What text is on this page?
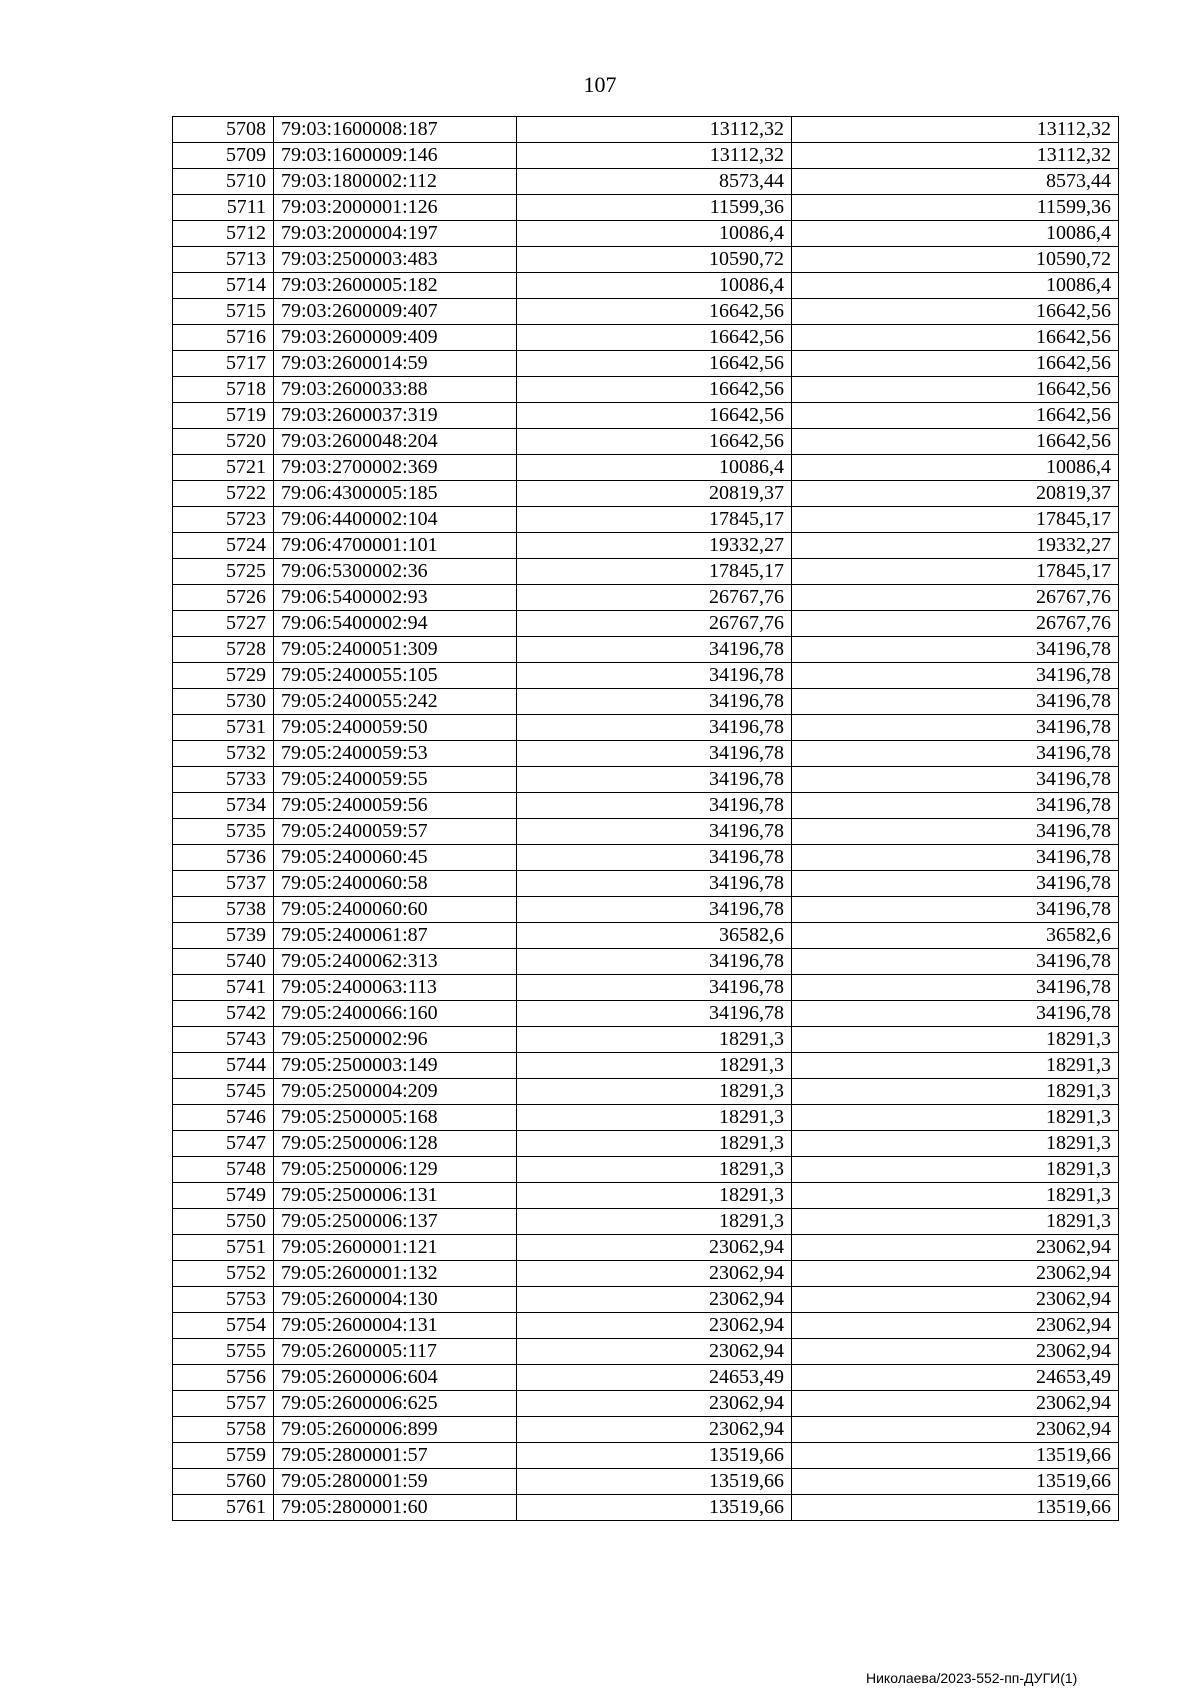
107
5708	79:03:1600008:187	13112,32	13112,32
5709	79:03:1600009:146	13112,32	13112,32
5710	79:03:1800002:112	8573,44	8573,44
5711	79:03:2000001:126	11599,36	11599,36
5712	79:03:2000004:197	10086,4	10086,4
5713	79:03:2500003:483	10590,72	10590,72
5714	79:03:2600005:182	10086,4	10086,4
5715	79:03:2600009:407	16642,56	16642,56
5716	79:03:2600009:409	16642,56	16642,56
5717	79:03:2600014:59	16642,56	16642,56
5718	79:03:2600033:88	16642,56	16642,56
5719	79:03:2600037:319	16642,56	16642,56
5720	79:03:2600048:204	16642,56	16642,56
5721	79:03:2700002:369	10086,4	10086,4
5722	79:06:4300005:185	20819,37	20819,37
5723	79:06:4400002:104	17845,17	17845,17
5724	79:06:4700001:101	19332,27	19332,27
5725	79:06:5300002:36	17845,17	17845,17
5726	79:06:5400002:93	26767,76	26767,76
5727	79:06:5400002:94	26767,76	26767,76
5728	79:05:2400051:309	34196,78	34196,78
5729	79:05:2400055:105	34196,78	34196,78
5730	79:05:2400055:242	34196,78	34196,78
5731	79:05:2400059:50	34196,78	34196,78
5732	79:05:2400059:53	34196,78	34196,78
5733	79:05:2400059:55	34196,78	34196,78
5734	79:05:2400059:56	34196,78	34196,78
5735	79:05:2400059:57	34196,78	34196,78
5736	79:05:2400060:45	34196,78	34196,78
5737	79:05:2400060:58	34196,78	34196,78
5738	79:05:2400060:60	34196,78	34196,78
5739	79:05:2400061:87	36582,6	36582,6
5740	79:05:2400062:313	34196,78	34196,78
5741	79:05:2400063:113	34196,78	34196,78
5742	79:05:2400066:160	34196,78	34196,78
5743	79:05:2500002:96	18291,3	18291,3
5744	79:05:2500003:149	18291,3	18291,3
5745	79:05:2500004:209	18291,3	18291,3
5746	79:05:2500005:168	18291,3	18291,3
5747	79:05:2500006:128	18291,3	18291,3
5748	79:05:2500006:129	18291,3	18291,3
5749	79:05:2500006:131	18291,3	18291,3
5750	79:05:2500006:137	18291,3	18291,3
5751	79:05:2600001:121	23062,94	23062,94
5752	79:05:2600001:132	23062,94	23062,94
5753	79:05:2600004:130	23062,94	23062,94
5754	79:05:2600004:131	23062,94	23062,94
5755	79:05:2600005:117	23062,94	23062,94
5756	79:05:2600006:604	24653,49	24653,49
5757	79:05:2600006:625	23062,94	23062,94
5758	79:05:2600006:899	23062,94	23062,94
5759	79:05:2800001:57	13519,66	13519,66
5760	79:05:2800001:59	13519,66	13519,66
5761	79:05:2800001:60	13519,66	13519,66
Николаева/2023-552-пп-ДУГИ(1)
